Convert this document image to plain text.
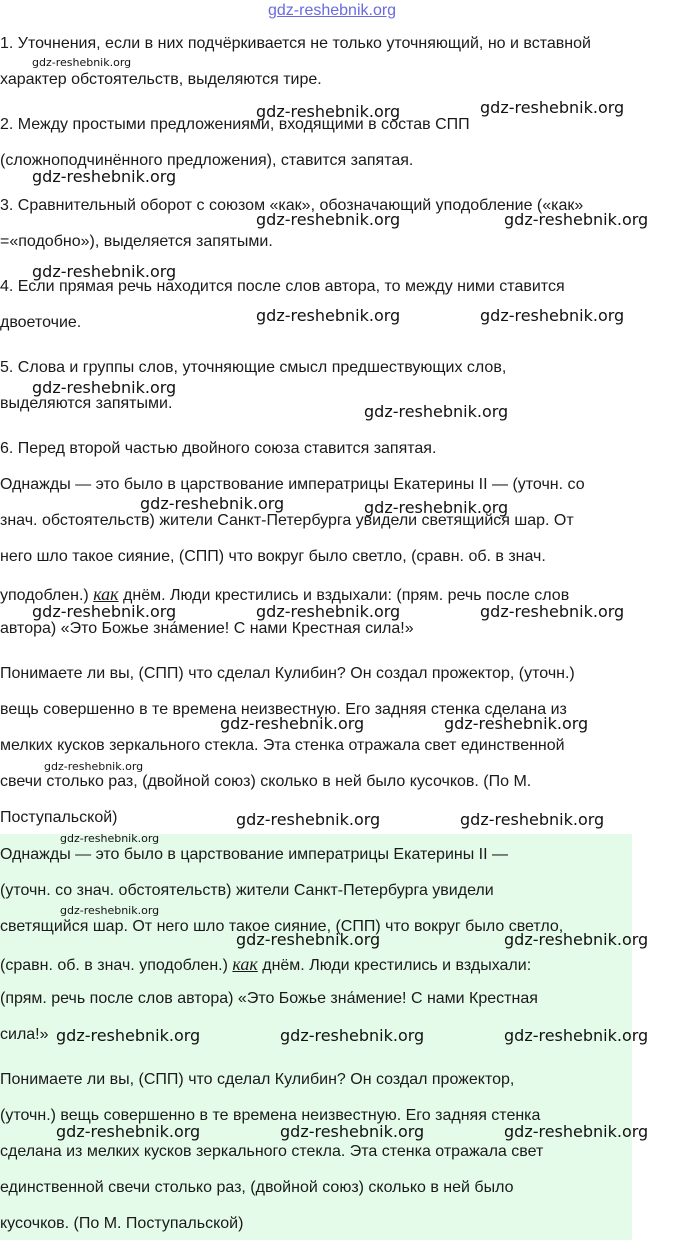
gdz-reshebnik.org
1. Уточнения, если в них подчёркивается не только уточняющий, но и вставной
характер обстоятельств, выделяются тире.
2. Между простыми предложениями, входящими в состав СПП
(сложноподчинённого предложения), ставится запятая.
3. Сравнительный оборот с союзом «как», обозначающий уподобление («как»
=«подобно»), выделяется запятыми.
4. Если прямая речь находится после слов автора, то между ними ставится
двоеточие.
5. Слова и группы слов, уточняющие смысл предшествующих слов,
выделяются запятыми.
6. Перед второй частью двойного союза ставится запятая.
Однажды — это было в царствование императрицы Екатерины II — (уточн. со
знач. обстоятельств) жители Санкт-Петербурга увидели светящийся шар. От
него шло такое сияние, (СПП) что вокруг было светло, (сравн. об. в знач.
уподоблен.) как днём. Люди крестились и вздыхали: (прям. речь после слов
автора) «Это Божье зна́мение! С нами Крестная сила!»
Понимаете ли вы, (СПП) что сделал Кулибин? Он создал прожектор, (уточн.)
вещь совершенно в те времена неизвестную. Его задняя стенка сделана из
мелких кусков зеркального стекла. Эта стенка отражала свет единственной
свечи столько раз, (двойной союз) сколько в ней было кусочков. (По М.
Поступальской)
Однажды — это было в царствование императрицы Екатерины II —
(уточн. со знач. обстоятельств) жители Санкт-Петербурга увидели
светящийся шар. От него шло такое сияние, (СПП) что вокруг было светло,
(сравн. об. в знач. уподоблен.) как днём. Люди крестились и вздыхали:
(прям. речь после слов автора) «Это Божье зна́мение! С нами Крестная
сила!»
Понимаете ли вы, (СПП) что сделал Кулибин? Он создал прожектор,
(уточн.) вещь совершенно в те времена неизвестную. Его задняя стенка
сделана из мелких кусков зеркального стекла. Эта стенка отражала свет
единственной свечи столько раз, (двойной союз) сколько в ней было
кусочков. (По М. Поступальской)
gdz-reshebnik.org
gdz-reshebnik.org	gdz-reshebnik.org
gdz-reshebnik.org
gdz-reshebnik.org	gdz-reshebnik.org
gdz-reshebnik.org
gdz-reshebnik.org	gdz-reshebnik.org
gdz-reshebnik.org
gdz-reshebnik.org
gdz-reshebnik.org	gdz-reshebnik.org
gdz-reshebnik.org	gdz-reshebnik.org	gdz-reshebnik.org
gdz-reshebnik.org	gdz-reshebnik.org
gdz-reshebnik.org
gdz-reshebnik.org	gdz-reshebnik.org
gdz-reshebnik.org
gdz-reshebnik.org
gdz-reshebnik.org	gdz-reshebnik.org
gdz-reshebnik.org	gdz-reshebnik.org	gdz-reshebnik.org
gdz-reshebnik.org	gdz-reshebnik.org	gdz-reshebnik.org
